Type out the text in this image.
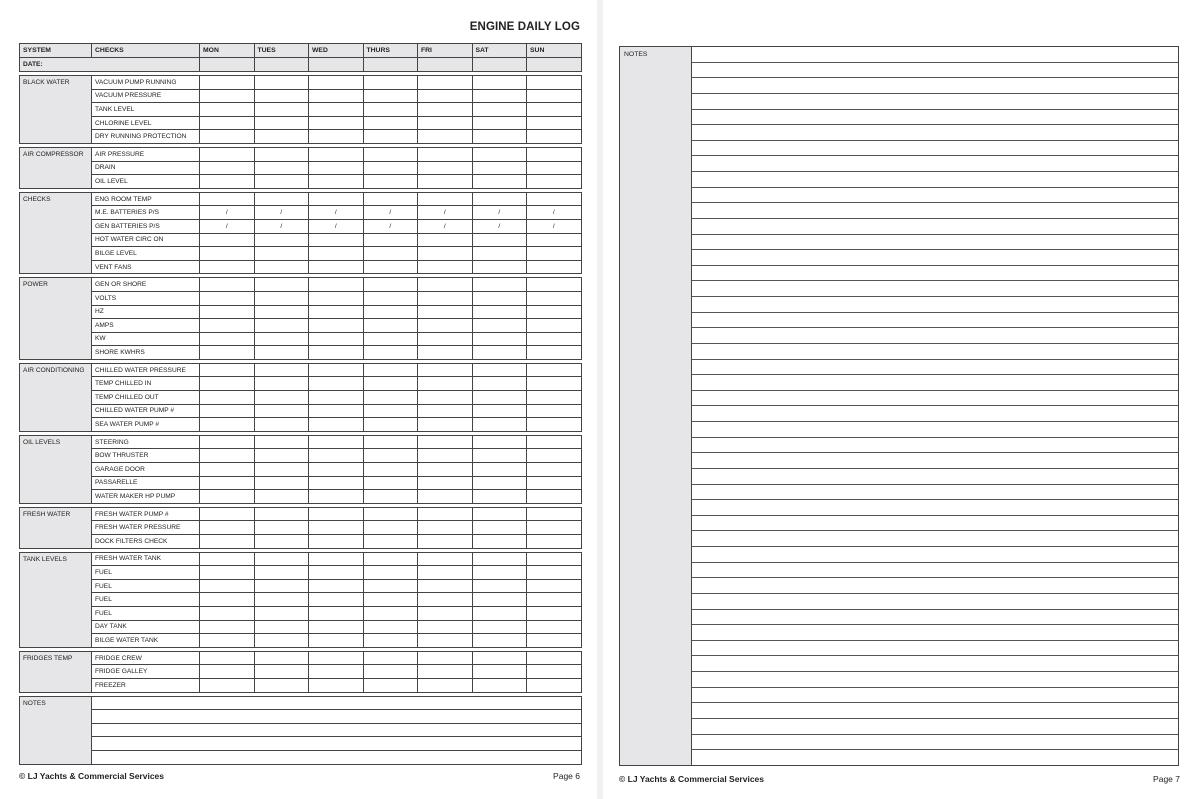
ENGINE DAILY LOG
SYSTEM	CHECKS	MON	TUES	WED	THURS	FRI	SAT	SUN
DATE:								

BLACK WATER	VACUUM PUMP RUNNING							
	VACUUM PRESSURE							
	TANK LEVEL							
	CHLORINE LEVEL							
	DRY RUNNING PROTECTION							

AIR COMPRESSOR	AIR PRESSURE							
	DRAIN							
	OIL LEVEL							

CHECKS	ENG ROOM TEMP							
	M.E. BATTERIES P/S	/	/	/	/	/	/	/
	GEN BATTERIES P/S	/	/	/	/	/	/	/
	HOT WATER CIRC ON							
	BILGE LEVEL							
	VENT FANS							

POWER	GEN OR SHORE							
	VOLTS							
	HZ							
	AMPS							
	KW							
	SHORE KWHRS							

AIR CONDITIONING	CHILLED WATER PRESSURE							
	TEMP CHILLED IN							
	TEMP CHILLED OUT							
	CHILLED WATER PUMP #							
	SEA WATER PUMP #							

OIL LEVELS	STEERING							
	BOW THRUSTER							
	GARAGE DOOR							
	PASSARELLE							
	WATER MAKER HP PUMP							

FRESH WATER	FRESH WATER PUMP #							
	FRESH WATER PRESSURE							
	DOCK FILTERS CHECK							

TANK LEVELS	FRESH WATER TANK							
	FUEL							
	FUEL							
	FUEL							
	FUEL							
	DAY TANK							
	BILGE WATER TANK							

FRIDGES TEMP	FRIDGE CREW							
	FRIDGE GALLEY							
	FREEZER							

NOTES								

© LJ Yachts & Commercial Services	Page 6
NOTES
© LJ Yachts & Commercial Services	Page 7
